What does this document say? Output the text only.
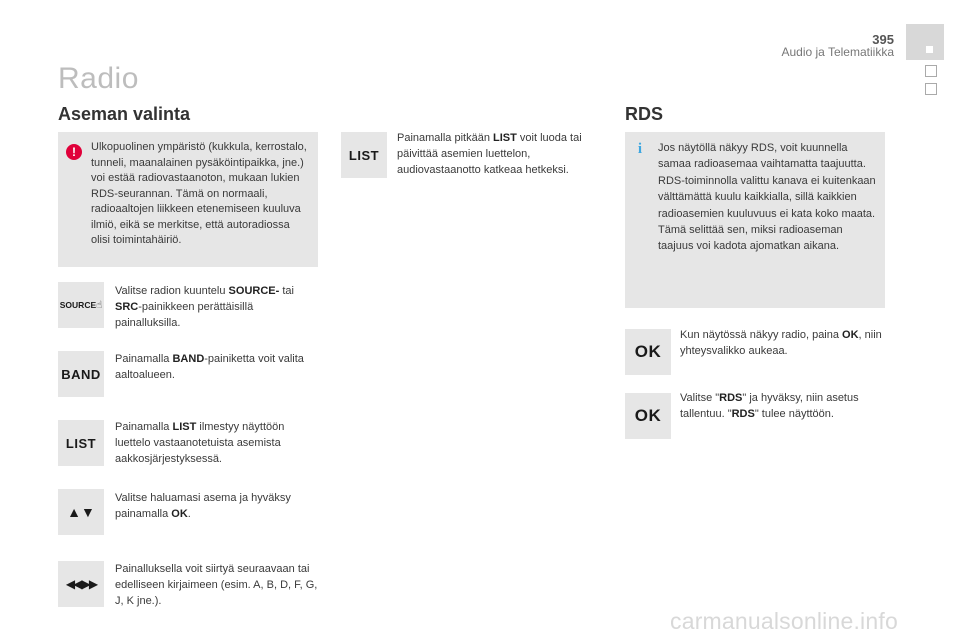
395
Audio ja Telematiikka
Radio
Aseman valinta
!	Ulkopuolinen ympäristö (kukkula, kerrostalo, tunneli, maanalainen pysäköintipaikka, jne.) voi estää radiovastaanoton, mukaan lukien RDS-seurannan. Tämä on normaali, radioaaltojen liikkeen etenemiseen kuuluva ilmiö, eikä se merkitse, että autoradiossa olisi toimintahäiriö.
SOURCE ☝
Valitse radion kuuntelu SOURCE- tai SRC-painikkeen perättäisillä painalluksilla.
BAND
Painamalla BAND-painiketta voit valita aaltoalueen.
LIST
Painamalla LIST ilmestyy näyttöön luettelo vastaanotetuista asemista aakkosjärjestyksessä.
▲▼
Valitse haluamasi asema ja hyväksy painamalla OK.
◀◀ ▶▶
Painalluksella voit siirtyä seuraavaan tai edelliseen kirjaimeen (esim. A, B, D, F, G, J, K jne.).
LIST
Painamalla pitkään LIST voit luoda tai päivittää asemien luettelon, audiovastaanotto katkeaa hetkeksi.
RDS
i	Jos näytöllä näkyy RDS, voit kuunnella samaa radioasemaa vaihtamatta taajuutta. RDS-toiminnolla valittu kanava ei kuitenkaan välttämättä kuulu kaikkialla, sillä kaikkien radioasemien kuuluvuus ei kata koko maata. Tämä selittää sen, miksi radioaseman taajuus voi kadota ajomatkan aikana.
OK
Kun näytössä näkyy radio, paina OK, niin yhteysvalikko aukeaa.
OK
Valitse "RDS" ja hyväksy, niin asetus tallentuu. "RDS" tulee näyttöön.
carmanualsonline.info
